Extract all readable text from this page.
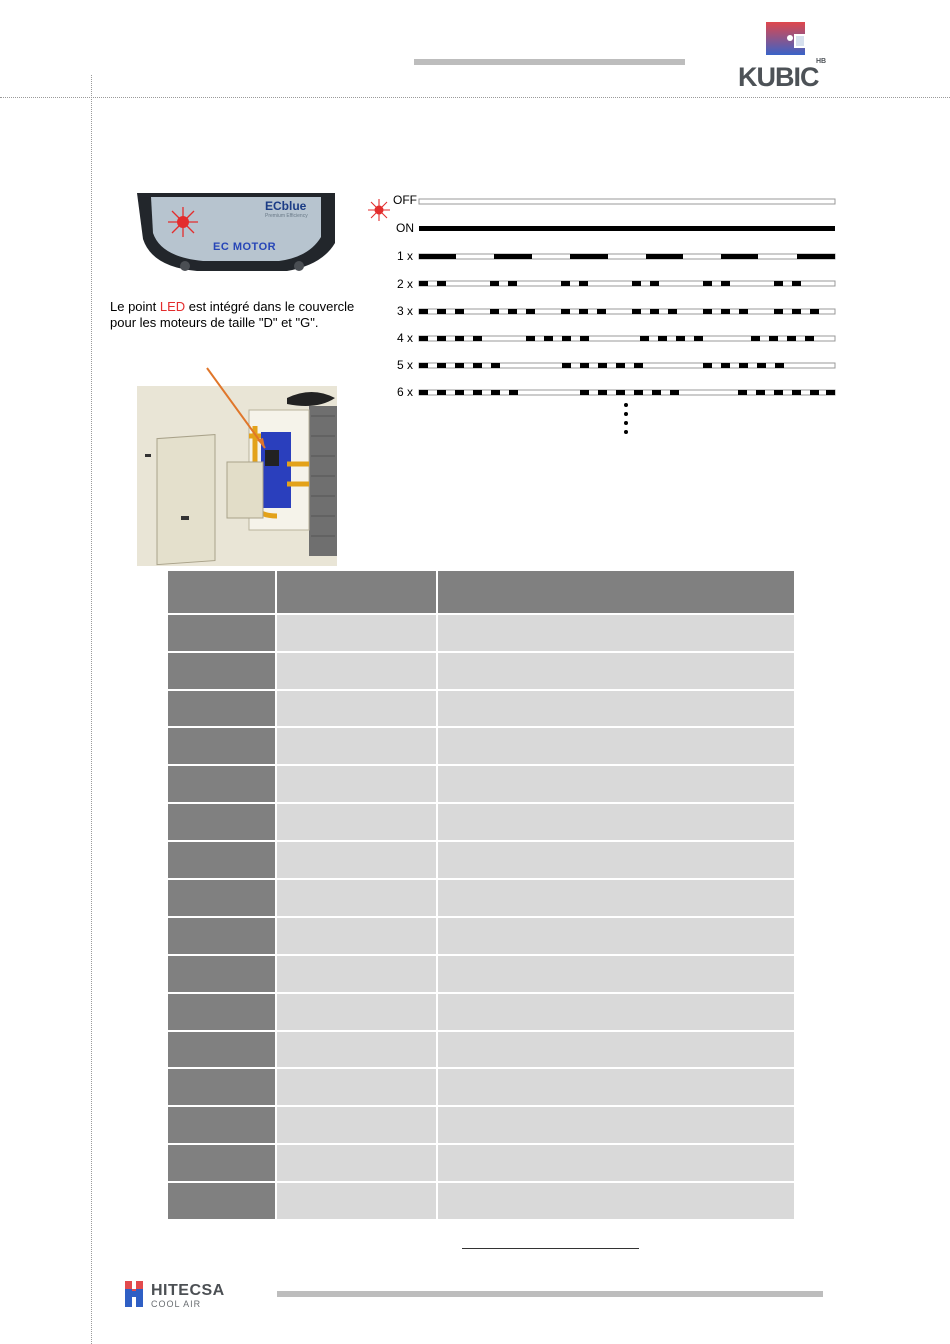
KUBIC
HB
ECblue
Premium Efficiency
EC MOTOR
Le point LED est intégré dans le couvercle pour les moteurs de taille "D" et "G".
OFF
ON
1 x
2 x
3 x
4 x
5 x
6 x
HITECSA
COOL AIR
